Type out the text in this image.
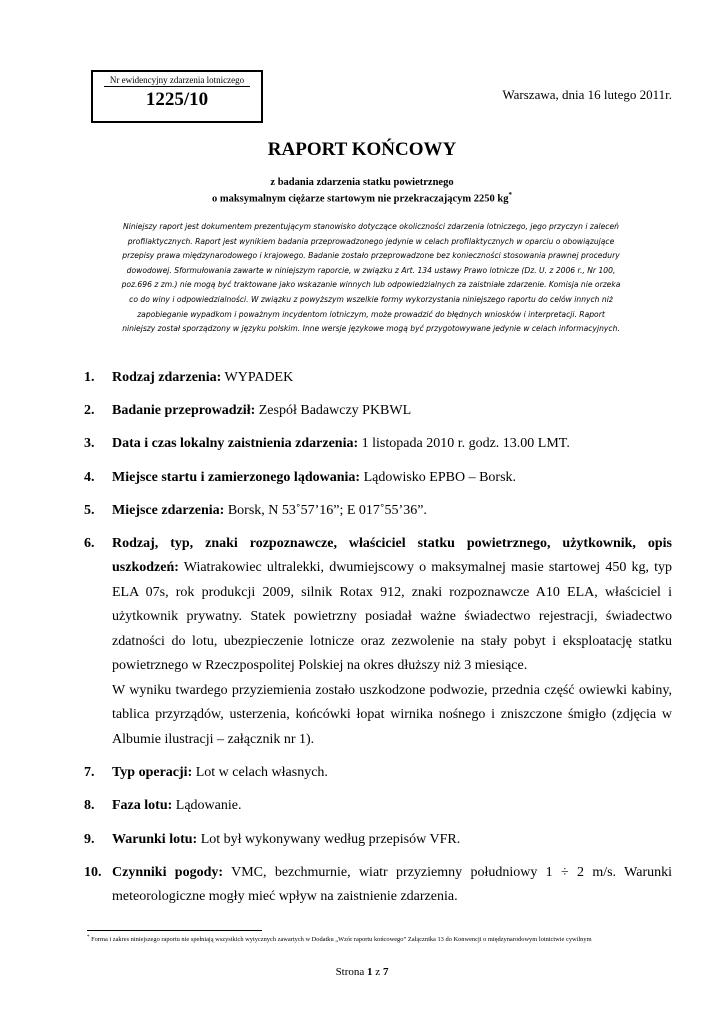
Nr ewidencyjny zdarzenia lotniczego
1225/10	Warszawa, dnia 16 lutego 2011r.
RAPORT KOŃCOWY
z badania zdarzenia statku powietrznego
o maksymalnym ciężarze startowym nie przekraczającym 2250 kg*
Niniejszy raport jest dokumentem prezentującym stanowisko dotyczące okoliczności zdarzenia lotniczego, jego przyczyn i zaleceń
profilaktycznych. Raport jest wynikiem badania przeprowadzonego jedynie w celach profilaktycznych w oparciu o obowiązujące
przepisy prawa międzynarodowego i krajowego. Badanie zostało przeprowadzone bez konieczności stosowania prawnej procedury
dowodowej. Sformułowania zawarte w niniejszym raporcie, w związku z Art. 134 ustawy Prawo lotnicze (Dz. U. z 2006 r., Nr 100,
poz.696 z zm.) nie mogą być traktowane jako wskazanie winnych lub odpowiedzialnych za zaistniałe zdarzenie. Komisja nie orzeka
co do winy i odpowiedzialności. W związku z powyższym wszelkie formy wykorzystania niniejszego raportu do celów innych niż
zapobieganie wypadkom i poważnym incydentom lotniczym, może prowadzić do błędnych wniosków i interpretacji. Raport
niniejszy został sporządzony w języku polskim. Inne wersje językowe mogą być przygotowywane jedynie w celach informacyjnych.
1. Rodzaj zdarzenia: WYPADEK
2. Badanie przeprowadził: Zespół Badawczy PKBWL
3. Data i czas lokalny zaistnienia zdarzenia: 1 listopada 2010 r. godz. 13.00 LMT.
4. Miejsce startu i zamierzonego lądowania: Lądowisko EPBO – Borsk.
5. Miejsce zdarzenia: Borsk, N 53˚57’16”; E 017˚55’36”.
6. Rodzaj, typ, znaki rozpoznawcze, właściciel statku powietrznego, użytkownik, opis uszkodzeń: Wiatrakowiec ultralekki, dwumiejscowy o maksymalnej masie startowej 450 kg, typ ELA 07s, rok produkcji 2009, silnik Rotax 912, znaki rozpoznawcze A10 ELA, właściciel i użytkownik prywatny. Statek powietrzny posiadał ważne świadectwo rejestracji, świadectwo zdatności do lotu, ubezpieczenie lotnicze oraz zezwolenie na stały pobyt i eksploatację statku powietrznego w Rzeczpospolitej Polskiej na okres dłuższy niż 3 miesiące.
W wyniku twardego przyziemienia zostało uszkodzone podwozie, przednia część owiewki kabiny, tablica przyrządów, usterzenia, końcówki łopat wirnika nośnego i zniszczone śmigło (zdjęcia w Albumie ilustracji – załącznik nr 1).
7. Typ operacji: Lot w celach własnych.
8. Faza lotu: Lądowanie.
9. Warunki lotu: Lot był wykonywany według przepisów VFR.
10. Czynniki pogody: VMC, bezchmurnie, wiatr przyziemny południowy 1 ÷ 2 m/s. Warunki meteorologiczne mogły mieć wpływ na zaistnienie zdarzenia.
* Forma i zakres niniejszego raportu nie spełniają wszystkich wytycznych zawartych w Dodatku „Wzór raportu końcowego” Załącznika 13 do Konwencji o międzynarodowym lotnictwie cywilnym
Strona 1 z 7
